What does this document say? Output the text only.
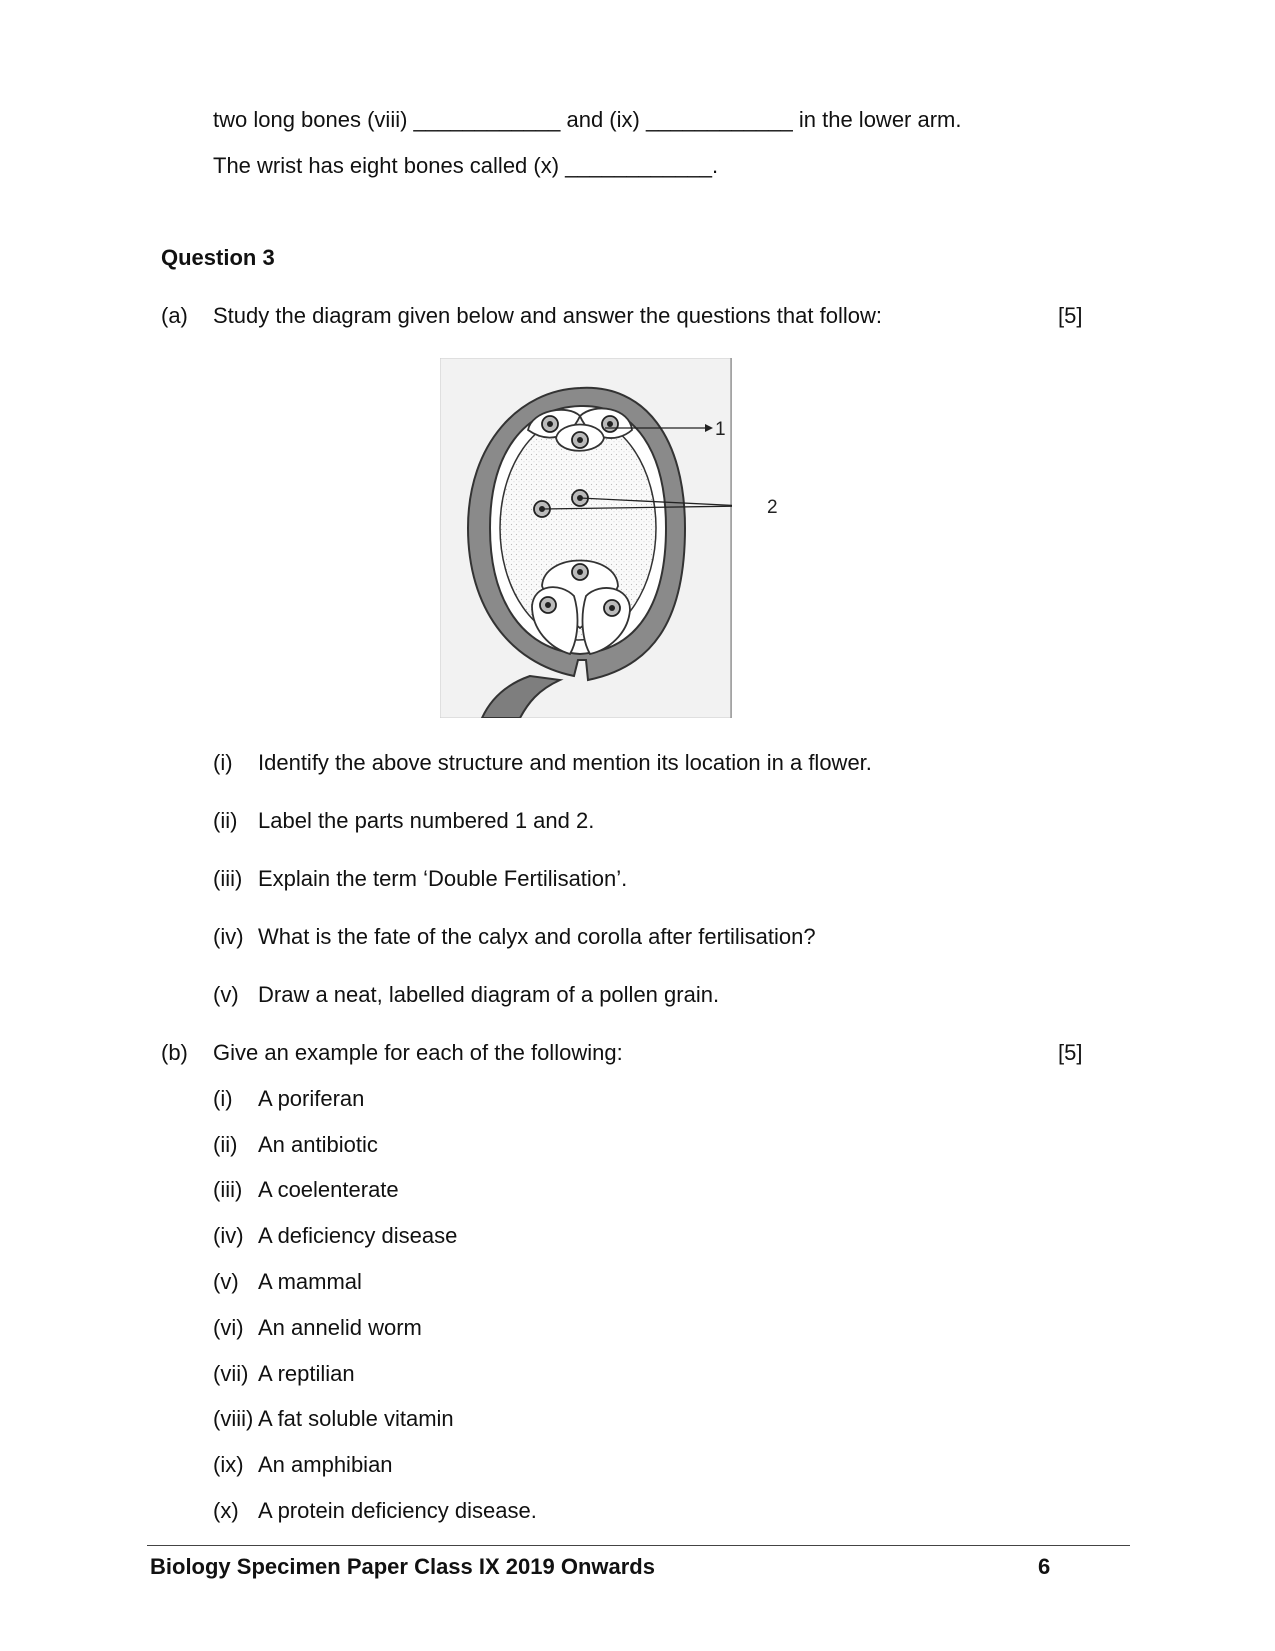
two long bones (viii) ____________ and (ix) ____________ in the lower arm.
The wrist has eight bones called (x) ____________.
Question 3
(a) Study the diagram given below and answer the questions that follow:	[5]
1
2
(i) Identify the above structure and mention its location in a flower.
(ii) Label the parts numbered 1 and 2.
(iii) Explain the term ‘Double Fertilisation’.
(iv) What is the fate of the calyx and corolla after fertilisation?
(v) Draw a neat, labelled diagram of a pollen grain.
(b) Give an example for each of the following:	[5]
(i) A poriferan
(ii) An antibiotic
(iii) A coelenterate
(iv) A deficiency disease
(v) A mammal
(vi) An annelid worm
(vii) A reptilian
(viii) A fat soluble vitamin
(ix) An amphibian
(x) A protein deficiency disease.
Biology Specimen Paper Class IX 2019 Onwards	6
